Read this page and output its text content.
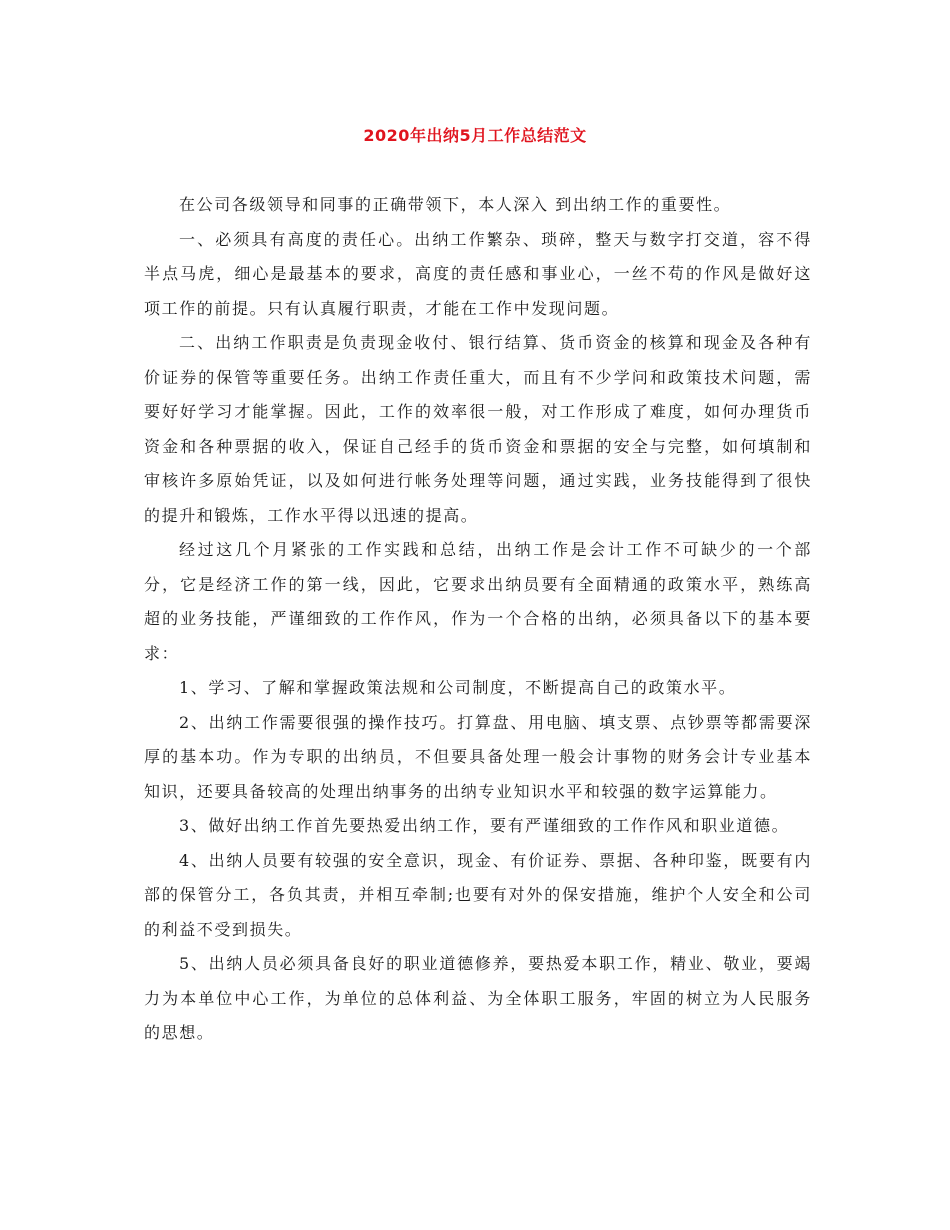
2020年出纳5月工作总结范文

在公司各级领导和同事的正确带领下，本人深入 到出纳工作的重要性。

一、必须具有高度的责任心。出纳工作繁杂、琐碎，整天与数字打交道，容不得半点马虎，细心是最基本的要求，高度的责任感和事业心，一丝不苟的作风是做好这项工作的前提。只有认真履行职责，才能在工作中发现问题。

二、出纳工作职责是负责现金收付、银行结算、货币资金的核算和现金及各种有价证券的保管等重要任务。出纳工作责任重大，而且有不少学问和政策技术问题，需要好好学习才能掌握。因此，工作的效率很一般，对工作形成了难度，如何办理货币资金和各种票据的收入，保证自己经手的货币资金和票据的安全与完整，如何填制和审核许多原始凭证，以及如何进行帐务处理等问题，通过实践，业务技能得到了很快的提升和锻炼，工作水平得以迅速的提高。

经过这几个月紧张的工作实践和总结，出纳工作是会计工作不可缺少的一个部分，它是经济工作的第一线，因此，它要求出纳员要有全面精通的政策水平，熟练高超的业务技能，严谨细致的工作作风，作为一个合格的出纳，必须具备以下的基本要求：

1、学习、了解和掌握政策法规和公司制度，不断提高自己的政策水平。

2、出纳工作需要很强的操作技巧。打算盘、用电脑、填支票、点钞票等都需要深厚的基本功。作为专职的出纳员，不但要具备处理一般会计事物的财务会计专业基本知识，还要具备较高的处理出纳事务的出纳专业知识水平和较强的数字运算能力。

3、做好出纳工作首先要热爱出纳工作，要有严谨细致的工作作风和职业道德。

4、出纳人员要有较强的安全意识，现金、有价证券、票据、各种印鉴，既要有内部的保管分工，各负其责，并相互牵制;也要有对外的保安措施，维护个人安全和公司的利益不受到损失。

5、出纳人员必须具备良好的职业道德修养，要热爱本职工作，精业、敬业，要竭力为本单位中心工作，为单位的总体利益、为全体职工服务，牢固的树立为人民服务的思想。
